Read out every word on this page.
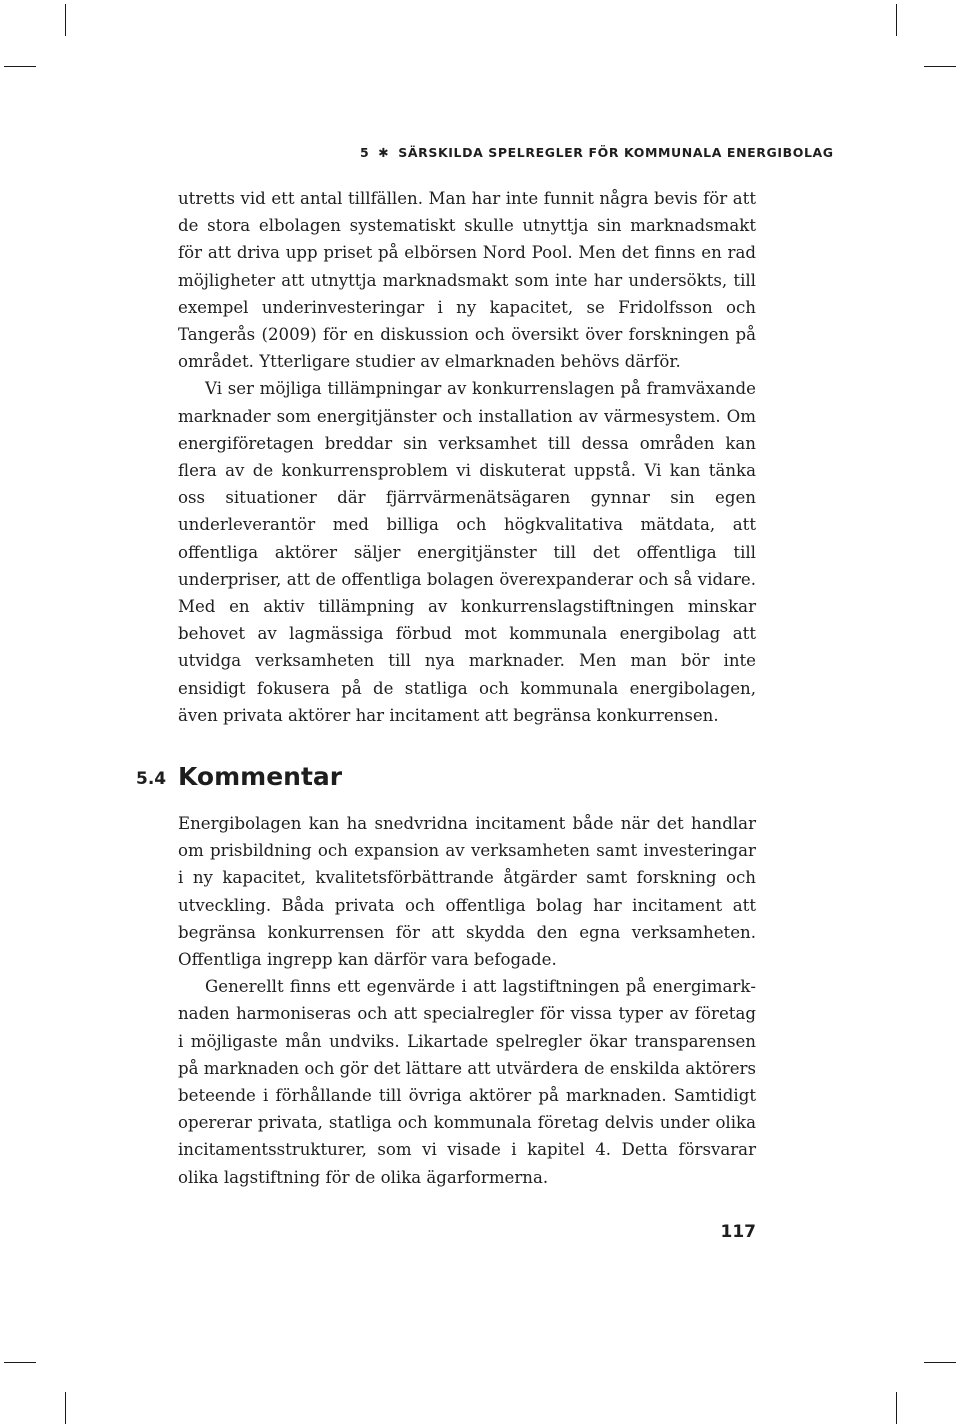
5 ✱ SÄRSKILDA SPELREGLER FÖR KOMMUNALA ENERGIBOLAG

utretts vid ett antal tillfällen. Man har inte funnit några bevis för att de stora elbolagen systematiskt skulle utnyttja sin marknadsmakt för att driva upp priset på elbörsen Nord Pool. Men det finns en rad möjligheter att utnyttja marknadsmakt som inte har undersökts, till exempel underinvesteringar i ny kapacitet, se Fridolfsson och Tangerås (2009) för en diskussion och översikt över forskningen på området. Ytterligare studier av elmarknaden behövs därför.

Vi ser möjliga tillämpningar av konkurrenslagen på framväxande marknader som energitjänster och installation av värmesystem. Om energiföretagen breddar sin verksamhet till dessa områden kan flera av de konkurrensproblem vi diskuterat uppstå. Vi kan tänka oss situationer där fjärrvärmenätsägaren gynnar sin egen underleverantör med billiga och högkvalitativa mätdata, att offentliga aktörer säljer energitjänster till det offentliga till underpriser, att de offentliga bolagen överexpanderar och så vidare. Med en aktiv tillämpning av konkurrenslagstiftningen minskar behovet av lagmässiga förbud mot kommunala energibolag att utvidga verksamheten till nya marknader. Men man bör inte ensidigt fokusera på de statliga och kommunala energibolagen, även privata aktörer har incitament att begränsa konkurrensen.

5.4 Kommentar

Energibolagen kan ha snedvridna incitament både när det handlar om prisbildning och expansion av verksamheten samt investeringar i ny kapacitet, kvalitetsförbättrande åtgärder samt forskning och utveckling. Båda privata och offentliga bolag har incitament att begränsa konkurrensen för att skydda den egna verksamheten. Offentliga ingrepp kan därför vara befogade.

Generellt finns ett egenvärde i att lagstiftningen på energimarknaden harmoniseras och att specialregler för vissa typer av företag i möjligaste mån undviks. Likartade spelregler ökar transparensen på marknaden och gör det lättare att utvärdera de enskilda aktörers beteende i förhållande till övriga aktörer på marknaden. Samtidigt opererar privata, statliga och kommunala företag delvis under olika incitamentsstrukturer, som vi visade i kapitel 4. Detta försvarar olika lagstiftning för de olika ägarformerna.

117
